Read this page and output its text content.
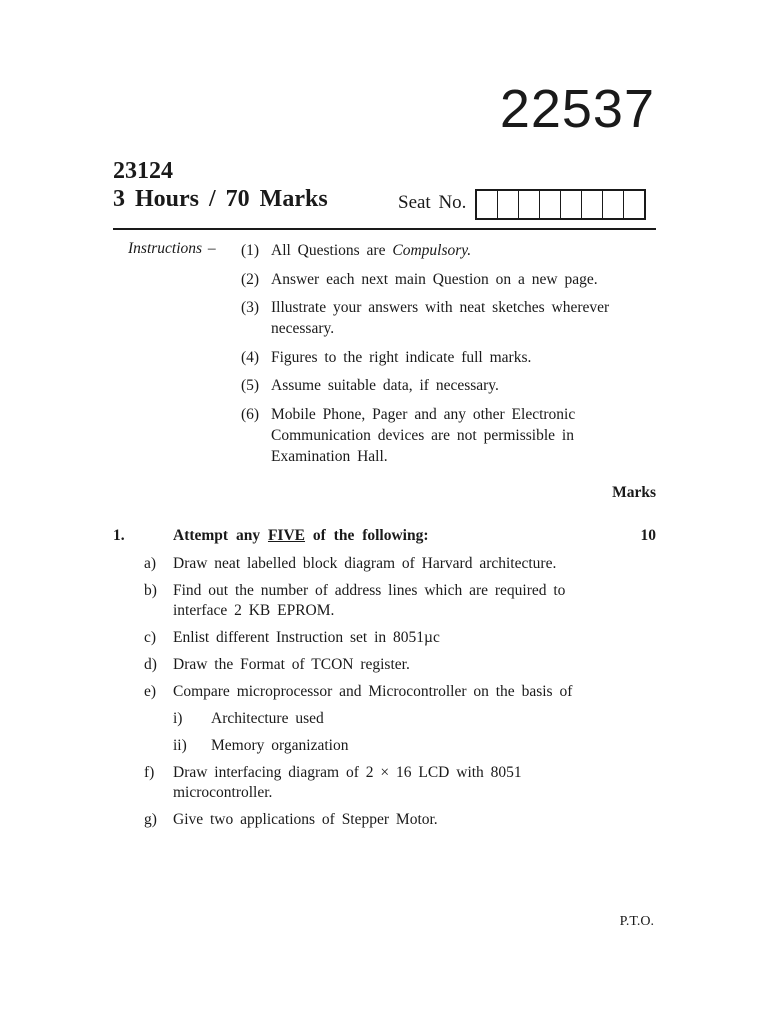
22537
23124
3 Hours / 70 Marks	Seat No.
Instructions – (1) All Questions are Compulsory.
(2) Answer each next main Question on a new page.
(3) Illustrate your answers with neat sketches wherever necessary.
(4) Figures to the right indicate full marks.
(5) Assume suitable data, if necessary.
(6) Mobile Phone, Pager and any other Electronic Communication devices are not permissible in Examination Hall.
Marks
1.	Attempt any FIVE of the following:	10
a)	Draw neat labelled block diagram of Harvard architecture.
b)	Find out the number of address lines which are required to interface 2 KB EPROM.
c)	Enlist different Instruction set in 8051µc
d)	Draw the Format of TCON register.
e)	Compare microprocessor and Microcontroller on the basis of
i)	Architecture used
ii)	Memory organization
f)	Draw interfacing diagram of 2 × 16 LCD with 8051 microcontroller.
g)	Give two applications of Stepper Motor.
P.T.O.
